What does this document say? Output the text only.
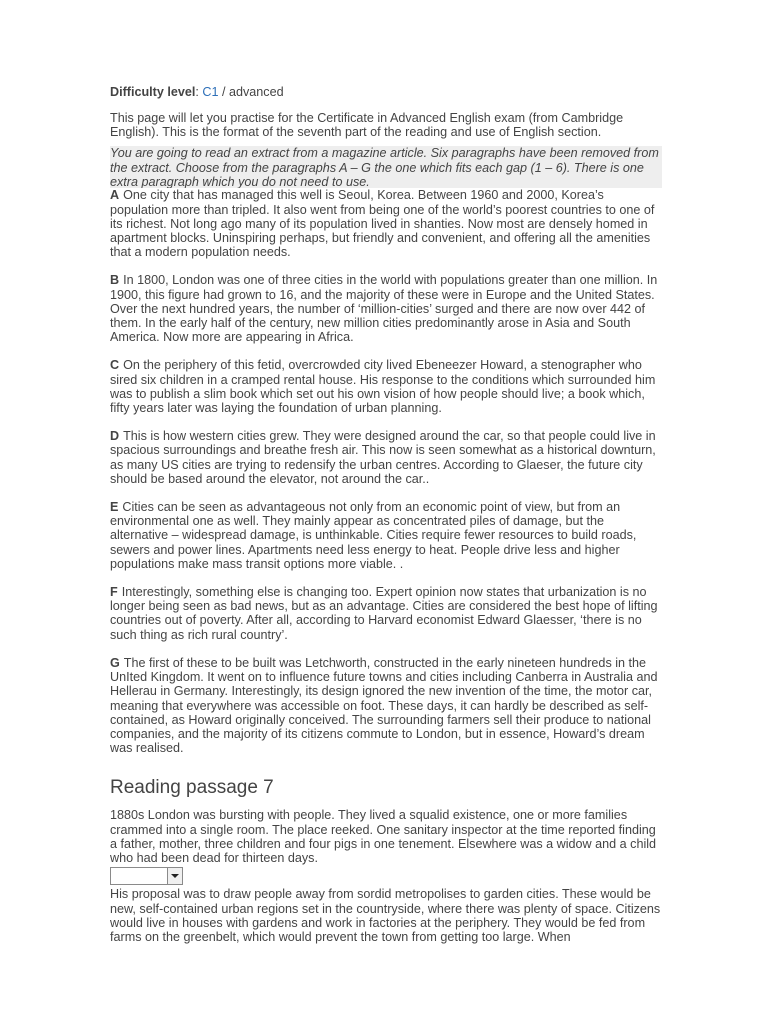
Difficulty level: C1 / advanced

This page will let you practise for the Certificate in Advanced English exam (from Cambridge English). This is the format of the seventh part of the reading and use of English section.

You are going to read an extract from a magazine article. Six paragraphs have been removed from the extract. Choose from the paragraphs A – G the one which fits each gap (1 – 6). There is one extra paragraph which you do not need to use.

A One city that has managed this well is Seoul, Korea. Between 1960 and 2000, Korea’s population more than tripled. It also went from being one of the world’s poorest countries to one of its richest. Not long ago many of its population lived in shanties. Now most are densely homed in apartment blocks. Uninspiring perhaps, but friendly and convenient, and offering all the amenities that a modern population needs.

B In 1800, London was one of three cities in the world with populations greater than one million. In 1900, this figure had grown to 16, and the majority of these were in Europe and the United States. Over the next hundred years, the number of ‘million-cities’ surged and there are now over 442 of them. In the early half of the century, new million cities predominantly arose in Asia and South America. Now more are appearing in Africa.

C On the periphery of this fetid, overcrowded city lived Ebeneezer Howard, a stenographer who sired six children in a cramped rental house. His response to the conditions which surrounded him was to publish a slim book which set out his own vision of how people should live; a book which, fifty years later was laying the foundation of urban planning.

D This is how western cities grew. They were designed around the car, so that people could live in spacious surroundings and breathe fresh air. This now is seen somewhat as a historical downturn, as many US cities are trying to redensify the urban centres. According to Glaeser, the future city should be based around the elevator, not around the car..

E Cities can be seen as advantageous not only from an economic point of view, but from an environmental one as well. They mainly appear as concentrated piles of damage, but the alternative – widespread damage, is unthinkable. Cities require fewer resources to build roads, sewers and power lines. Apartments need less energy to heat. People drive less and higher populations make mass transit options more viable. .

F Interestingly, something else is changing too. Expert opinion now states that urbanization is no longer being seen as bad news, but as an advantage. Cities are considered the best hope of lifting countries out of poverty. After all, according to Harvard economist Edward Glaesser, ‘there is no such thing as rich rural country’.

G The first of these to be built was Letchworth, constructed in the early nineteen hundreds in the UnIted Kingdom. It went on to influence future towns and cities including Canberra in Australia and Hellerau in Germany. Interestingly, its design ignored the new invention of the time, the motor car, meaning that everywhere was accessible on foot. These days, it can hardly be described as self-contained, as Howard originally conceived. The surrounding farmers sell their produce to national companies, and the majority of its citizens commute to London, but in essence, Howard’s dream was realised.

Reading passage 7

1880s London was bursting with people. They lived a squalid existence, one or more families crammed into a single room. The place reeked. One sanitary inspector at the time reported finding a father, mother, three children and four pigs in one tenement. Elsewhere was a widow and a child who had been dead for thirteen days.

His proposal was to draw people away from sordid metropolises to garden cities. These would be new, self-contained urban regions set in the countryside, where there was plenty of space. Citizens would live in houses with gardens and work in factories at the periphery. They would be fed from farms on the greenbelt, which would prevent the town from getting too large. When
